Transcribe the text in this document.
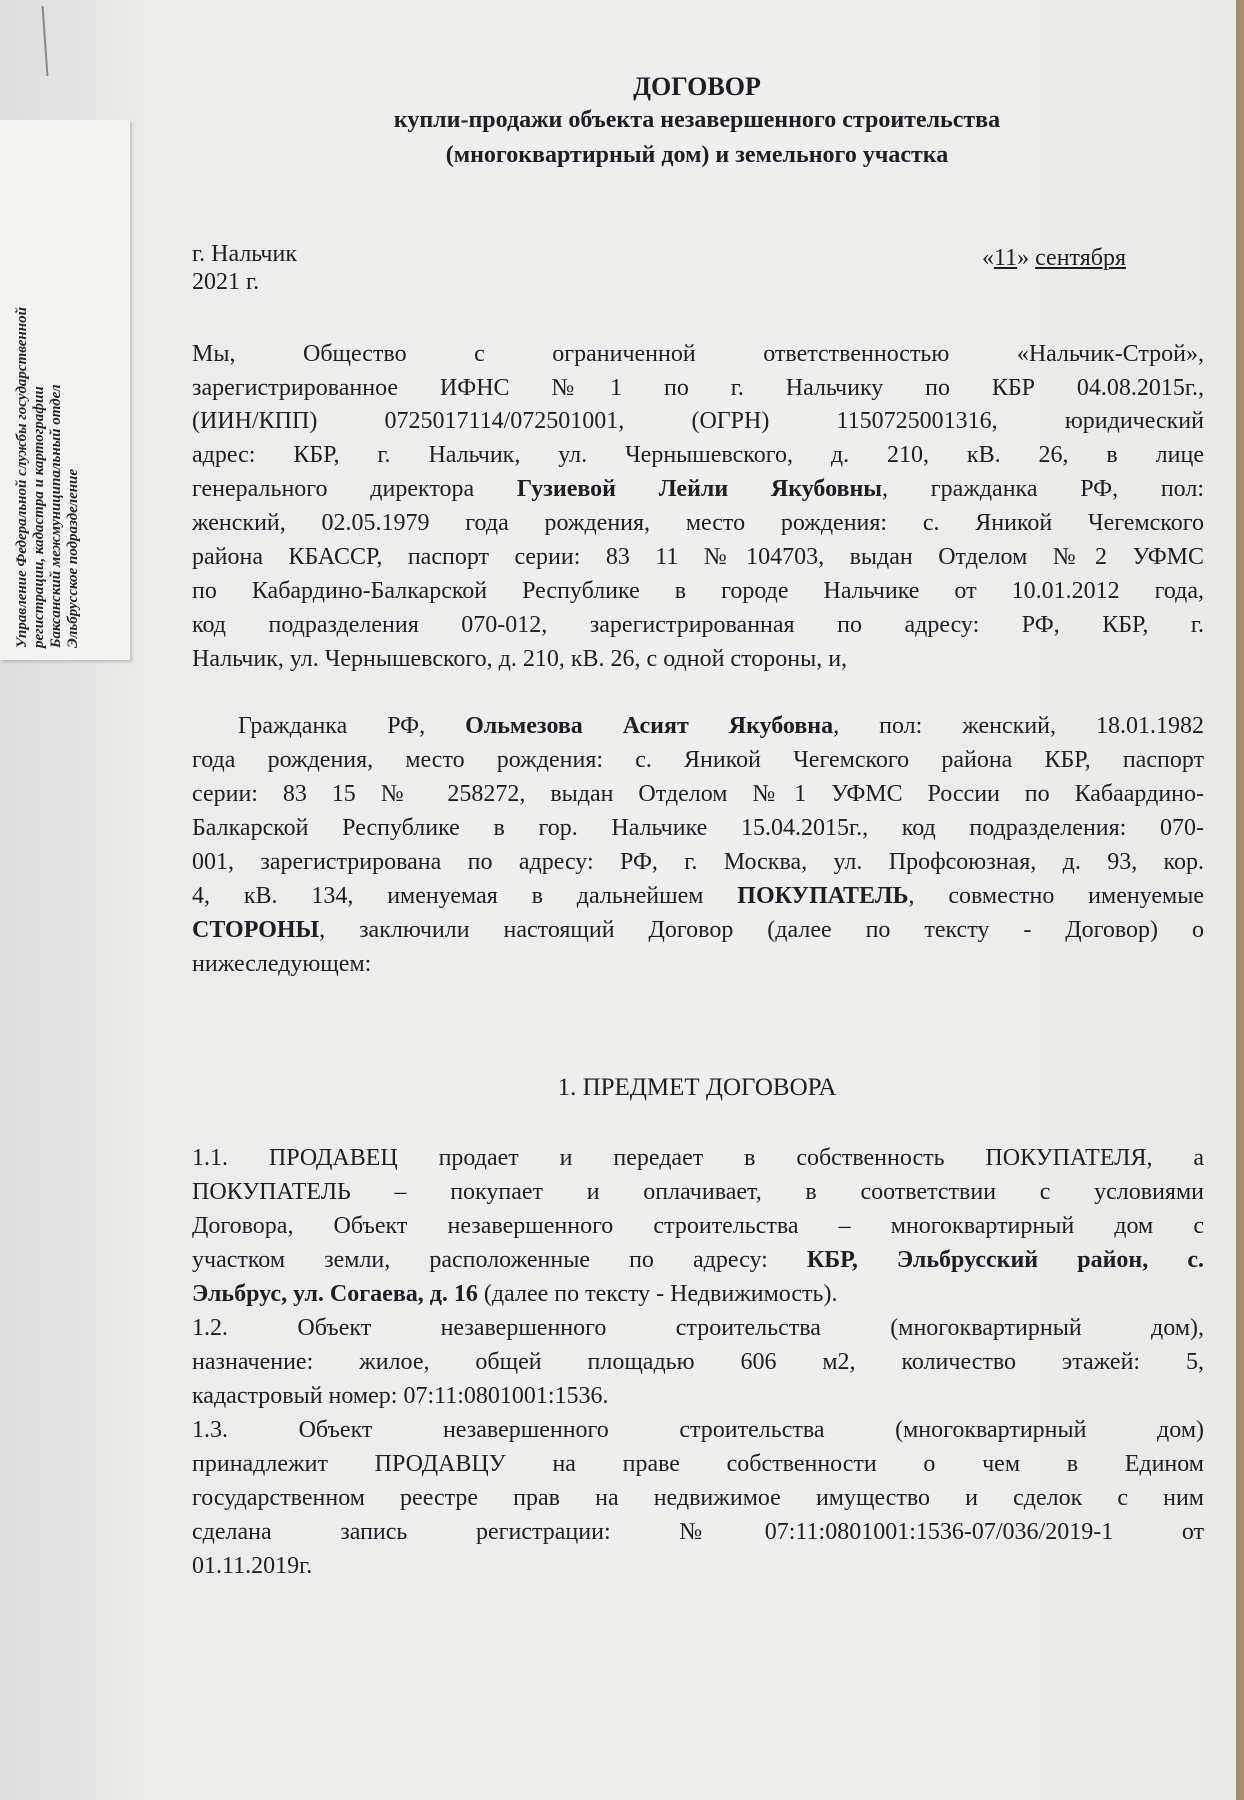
Управление Федеральной службы государственной регистрации, кадастра и картографии Баксанский межмуниципальный отдел Эльбрусское подразделение
ДОГОВОР
купли-продажи объекта незавершенного строительства
(многоквартирный дом) и земельного участка
г. Нальчик
2021 г.
«11» сентября
Мы, Общество с ограниченной ответственностью «Нальчик-Строй»,
зарегистрированное ИФНС №1 по г. Нальчику по КБР 04.08.2015г.,
(ИИН/КПП) 0725017114/072501001, (ОГРН) 1150725001316, юридический
адрес: КБР, г. Нальчик, ул. Чернышевского, д. 210, кВ. 26, в лице
генерального директора Гузиевой Лейли Якубовны, гражданка РФ, пол:
женский, 02.05.1979 года рождения, место рождения: с. Яникой Чегемского
района КБАССР, паспорт серии: 83 11 №104703, выдан Отделом №2 УФМС
по Кабардино-Балкарской Республике в городе Нальчике от 10.01.2012 года,
код подразделения 070-012, зарегистрированная по адресу: РФ, КБР, г.
Нальчик, ул. Чернышевского, д. 210, кВ. 26, с одной стороны, и,
Гражданка РФ, Ольмезова Асият Якубовна, пол: женский, 18.01.1982
года рождения, место рождения: с. Яникой Чегемского района КБР, паспорт
серии: 83 15 № 258272, выдан Отделом №1 УФМС России по Кабаардино-
Балкарской Республике в гор. Нальчике 15.04.2015г., код подразделения: 070-
001, зарегистрирована по адресу: РФ, г. Москва, ул. Профсоюзная, д. 93, кор.
4, кВ. 134, именуемая в дальнейшем ПОКУПАТЕЛЬ, совместно именуемые
СТОРОНЫ, заключили настоящий Договор (далее по тексту - Договор) о
нижеследующем:
1. ПРЕДМЕТ ДОГОВОРА
1.1. ПРОДАВЕЦ продает и передает в собственность ПОКУПАТЕЛЯ, а
ПОКУПАТЕЛЬ – покупает и оплачивает, в соответствии с условиями
Договора, Объект незавершенного строительства – многоквартирный дом с
участком земли, расположенные по адресу: КБР, Эльбрусский район, с.
Эльбрус, ул. Согаева, д. 16 (далее по тексту - Недвижимость).
1.2. Объект незавершенного строительства (многоквартирный дом),
назначение: жилое, общей площадью 606 м2, количество этажей: 5,
кадастровый номер: 07:11:0801001:1536.
1.3. Объект незавершенного строительства (многоквартирный дом)
принадлежит ПРОДАВЦУ на праве собственности о чем в Едином
государственном реестре прав на недвижимое имущество и сделок с ним
сделана запись регистрации: №07:11:0801001:1536-07/036/2019-1 от
01.11.2019г.
